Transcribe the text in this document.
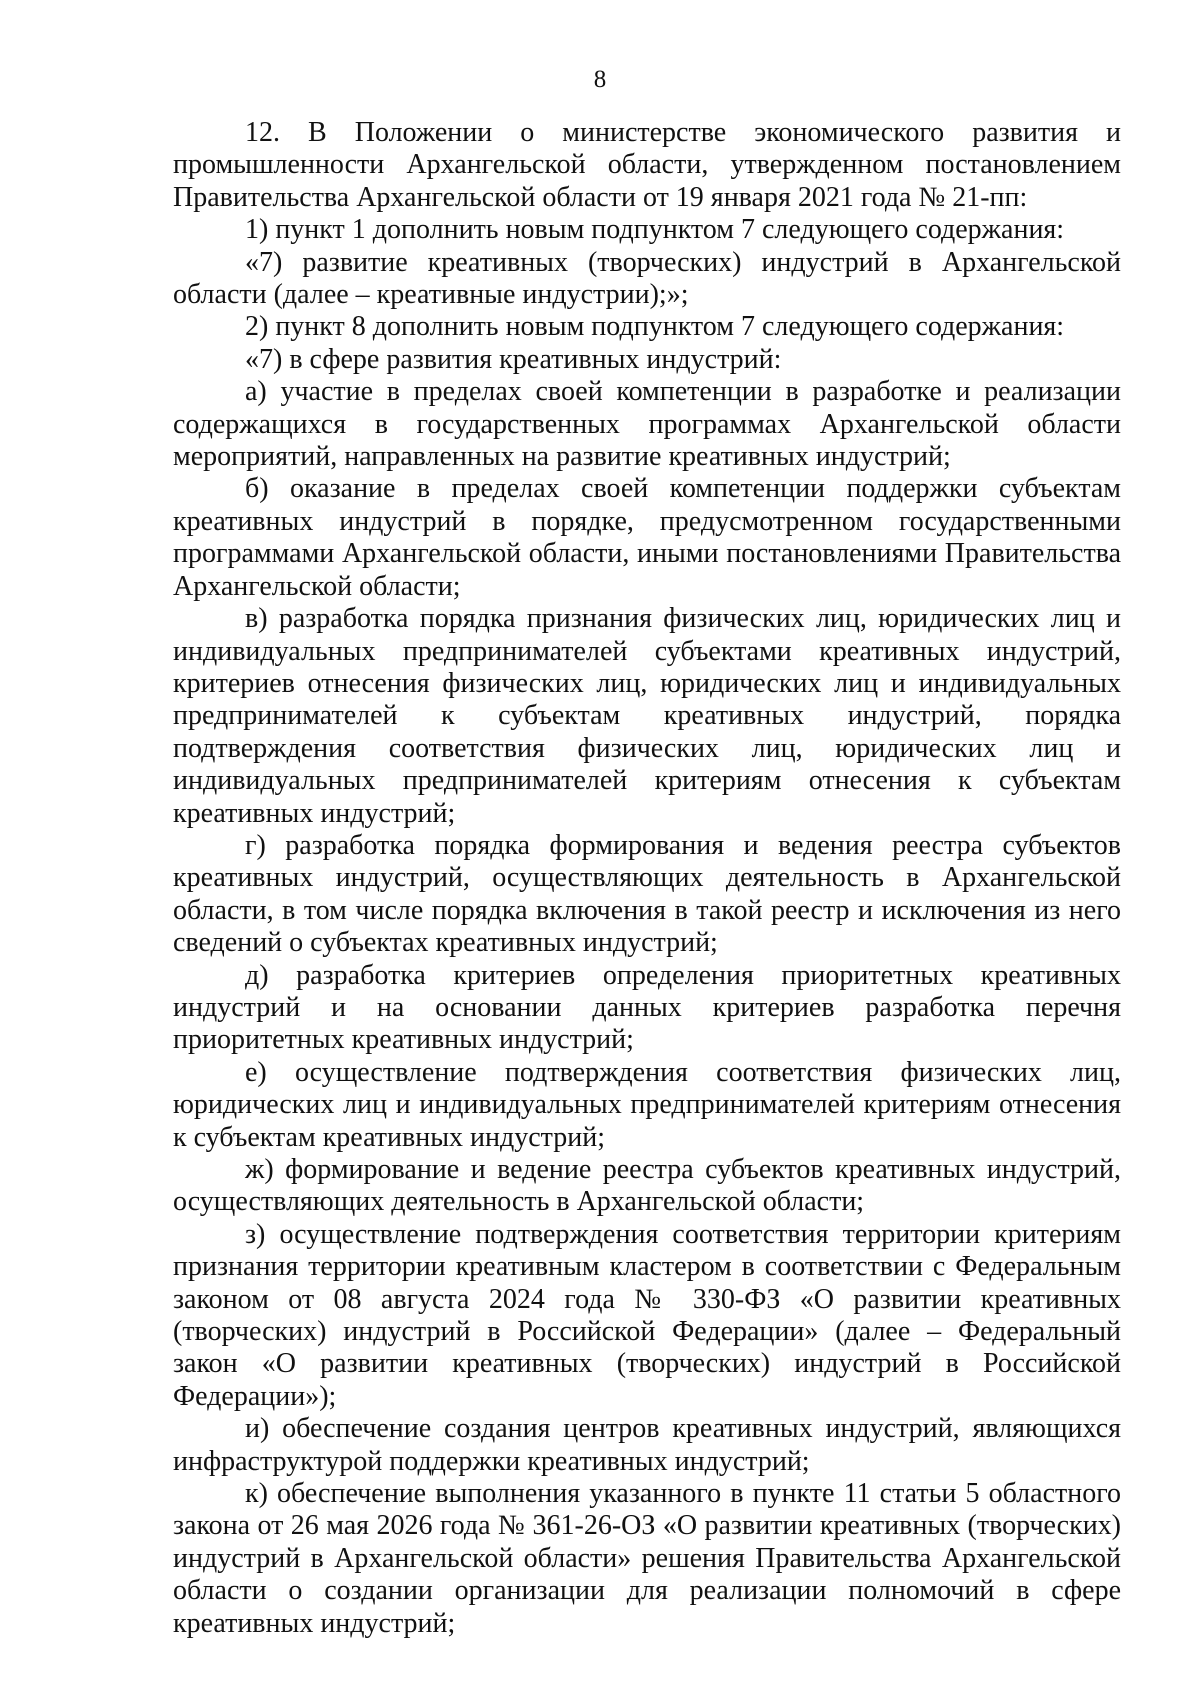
8

12. В Положении о министерстве экономического развития и промышленности Архангельской области, утвержденном постановлением Правительства Архангельской области от 19 января 2021 года № 21-пп:

1) пункт 1 дополнить новым подпунктом 7 следующего содержания:

«7) развитие креативных (творческих) индустрий в Архангельской области (далее – креативные индустрии);»;

2) пункт 8 дополнить новым подпунктом 7 следующего содержания:

«7) в сфере развития креативных индустрий:

а) участие в пределах своей компетенции в разработке и реализации содержащихся в государственных программах Архангельской области мероприятий, направленных на развитие креативных индустрий;

б) оказание в пределах своей компетенции поддержки субъектам креативных индустрий в порядке, предусмотренном государственными программами Архангельской области, иными постановлениями Правительства Архангельской области;

в) разработка порядка признания физических лиц, юридических лиц и индивидуальных предпринимателей субъектами креативных индустрий, критериев отнесения физических лиц, юридических лиц и индивидуальных предпринимателей к субъектам креативных индустрий, порядка подтверждения соответствия физических лиц, юридических лиц и индивидуальных предпринимателей критериям отнесения к субъектам креативных индустрий;

г) разработка порядка формирования и ведения реестра субъектов креативных индустрий, осуществляющих деятельность в Архангельской области, в том числе порядка включения в такой реестр и исключения из него сведений о субъектах креативных индустрий;

д) разработка критериев определения приоритетных креативных индустрий и на основании данных критериев разработка перечня приоритетных креативных индустрий;

е) осуществление подтверждения соответствия физических лиц, юридических лиц и индивидуальных предпринимателей критериям отнесения к субъектам креативных индустрий;

ж) формирование и ведение реестра субъектов креативных индустрий, осуществляющих деятельность в Архангельской области;

з) осуществление подтверждения соответствия территории критериям признания территории креативным кластером в соответствии с Федеральным законом от 08 августа 2024 года № 330-ФЗ «О развитии креативных (творческих) индустрий в Российской Федерации» (далее – Федеральный закон «О развитии креативных (творческих) индустрий в Российской Федерации»);

и) обеспечение создания центров креативных индустрий, являющихся инфраструктурой поддержки креативных индустрий;

к) обеспечение выполнения указанного в пункте 11 статьи 5 областного закона от 26 мая 2026 года № 361-26-ОЗ «О развитии креативных (творческих) индустрий в Архангельской области» решения Правительства Архангельской области о создании организации для реализации полномочий в сфере креативных индустрий;
